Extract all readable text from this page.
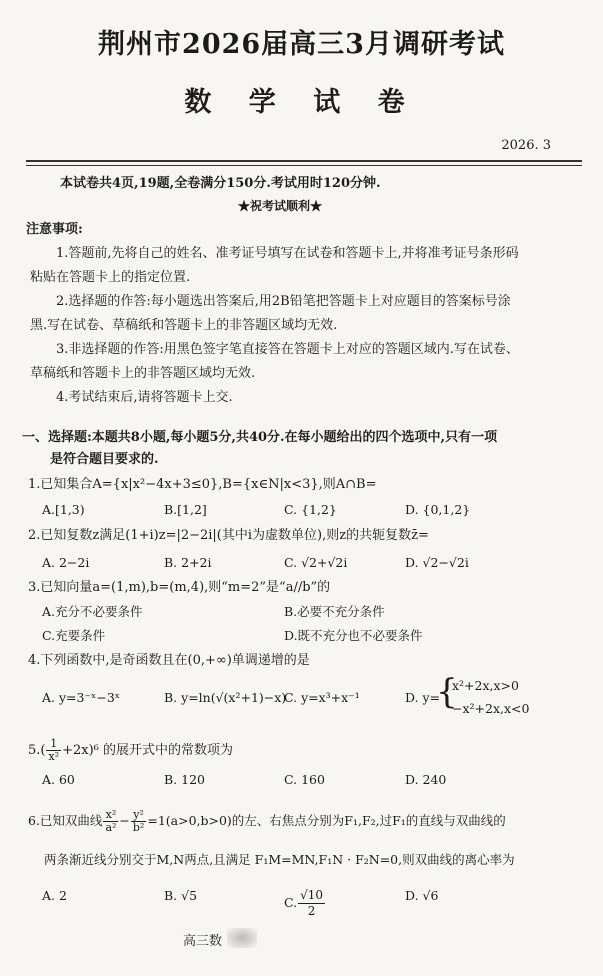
荆州市2026届高三3月调研考试
数 学 试 卷
2026. 3
本试卷共4页,19题,全卷满分150分.考试用时120分钟.
★祝考试顺利★
注意事项:
1.答题前,先将自己的姓名、准考证号填写在试卷和答题卡上,并将准考证号条形码
粘贴在答题卡上的指定位置.
2.选择题的作答:每小题选出答案后,用2B铅笔把答题卡上对应题目的答案标号涂
黑.写在试卷、草稿纸和答题卡上的非答题区域均无效.
3.非选择题的作答:用黑色签字笔直接答在答题卡上对应的答题区域内.写在试卷、
草稿纸和答题卡上的非答题区域均无效.
4.考试结束后,请将答题卡上交.
一、选择题:本题共8小题,每小题5分,共40分.在每小题给出的四个选项中,只有一项
是符合题目要求的.
1.已知集合A={x|x²−4x+3≤0},B={x∈N|x<3},则A∩B=
A.[1,3)	B.[1,2]	C. {1,2}	D. {0,1,2}
2.已知复数z满足(1+i)z=|2−2i|(其中i为虚数单位),则z的共轭复数z̄=
A. 2−2i	B. 2+2i	C. √2+√2i	D. √2−√2i
3.已知向量a=(1,m),b=(m,4),则“m=2”是“a//b”的
A.充分不必要条件	B.必要不充分条件
C.充要条件	D.既不充分也不必要条件
4.下列函数中,是奇函数且在(0,+∞)单调递增的是
A. y=3⁻ˣ−3ˣ	B. y=ln(√(x²+1)−x)
C. y=x³+x⁻¹	D. y=
{
x²+2x,x>0
−x²+2x,x<0
$5.( \frac{1}{\text{x²}} +2x)^6$ 的展开式中的常数项为
A. 60	B. 120	C. 160	D. 240
6.已知双曲线 $\frac{\text{x²}}{\text{a²}} - \frac{\text{y²}}{\text{b²}} =1(a>0,b>0)$的左、右焦点分别为F₁,F₂,过F₁的直线与双曲线的
两条渐近线分别交于M,N两点,且满足 F₁M=MN,F₁N · F₂N=0,则双曲线的离心率为
A. 2	B. √5	C. $\frac{√10}{2}$	D. √6
高三数
